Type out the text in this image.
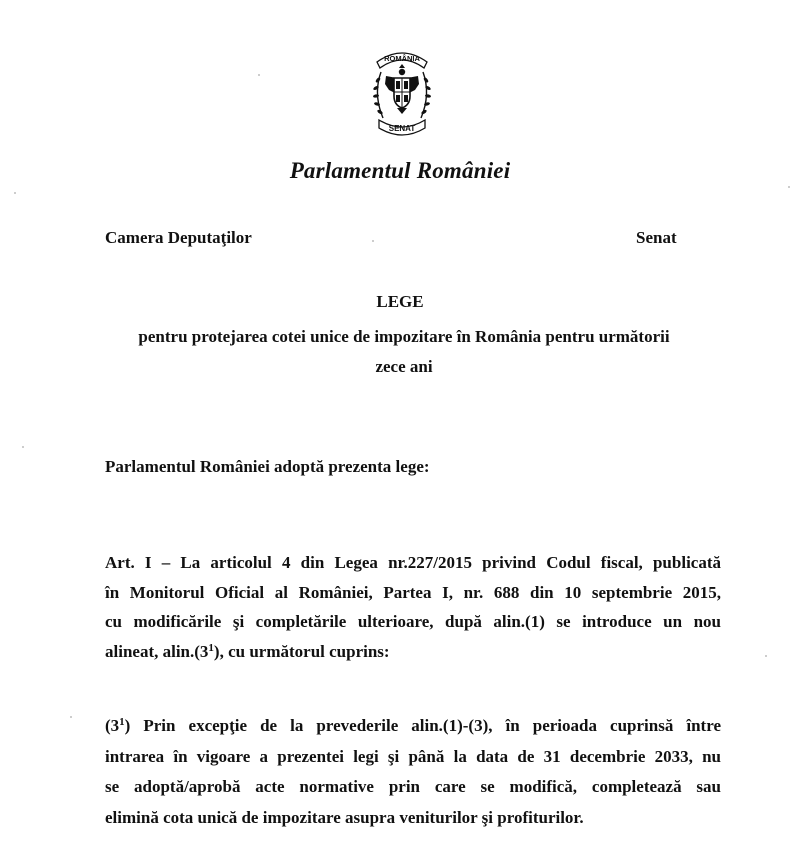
ROMÂNIA
SENAT
Parlamentul României
Camera Deputaţilor	Senat
LEGE
pentru protejarea cotei unice de impozitare în România pentru următorii
zece ani
Parlamentul României adoptă prezenta lege:
Art. I – La articolul 4 din Legea nr.227/2015 privind Codul fiscal, publicată
în Monitorul Oficial al României, Partea I, nr. 688 din 10 septembrie 2015,
cu modificările şi completările ulterioare, după alin.(1) se introduce un nou
alineat, $alin.(3^1)$, cu următorul cuprins:
$(3^1)$ Prin excepţie de la prevederile alin.(1)-(3), în perioada cuprinsă între
intrarea în vigoare a prezentei legi şi până la data de 31 decembrie 2033, nu
se adoptă/aprobă acte normative prin care se modifică, completează sau
elimină cota unică de impozitare asupra veniturilor şi profiturilor.
